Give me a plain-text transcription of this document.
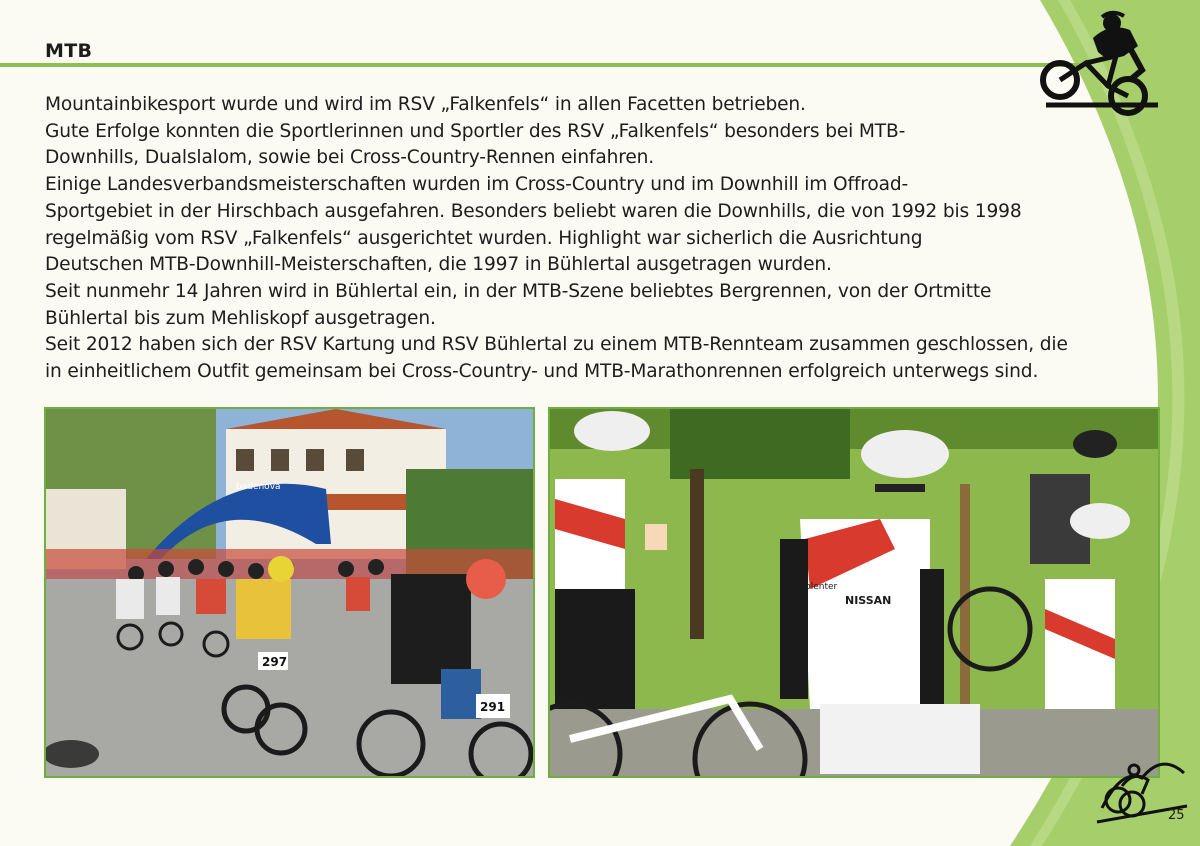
MTB

Mountainbikesport wurde und wird im RSV „Falkenfels“ in allen Facetten betrieben.

Gute Erfolge konnten die Sportlerinnen und Sportler des RSV „Falkenfels“ besonders bei MTB-

Downhills, Dualslalom, sowie bei Cross-Country-Rennen einfahren.

Einige Landesverbandsmeisterschaften wurden im Cross-Country und im Downhill im Offroad-

Sportgebiet in der Hirschbach ausgefahren. Besonders beliebt waren die Downhills, die von 1992 bis 1998

regelmäßig vom RSV „Falkenfels“ ausgerichtet wurden. Highlight war sicherlich die Ausrichtung

Deutschen MTB-Downhill-Meisterschaften, die 1997 in Bühlertal ausgetragen wurden.

Seit nunmehr 14 Jahren wird in Bühlertal ein, in der MTB-Szene beliebtes Bergrennen, von der Ortmitte

Bühlertal bis zum Mehliskopf ausgetragen.

Seit 2012 haben sich der RSV Kartung und RSV Bühlertal zu einem MTB-Rennteam zusammen geschlossen, die

in einheitlichem Outfit gemeinsam bei Cross-Country- und MTB-Marathonrennen erfolgreich unterwegs sind.

badenova
297
291
NISSAN
blenter
25
